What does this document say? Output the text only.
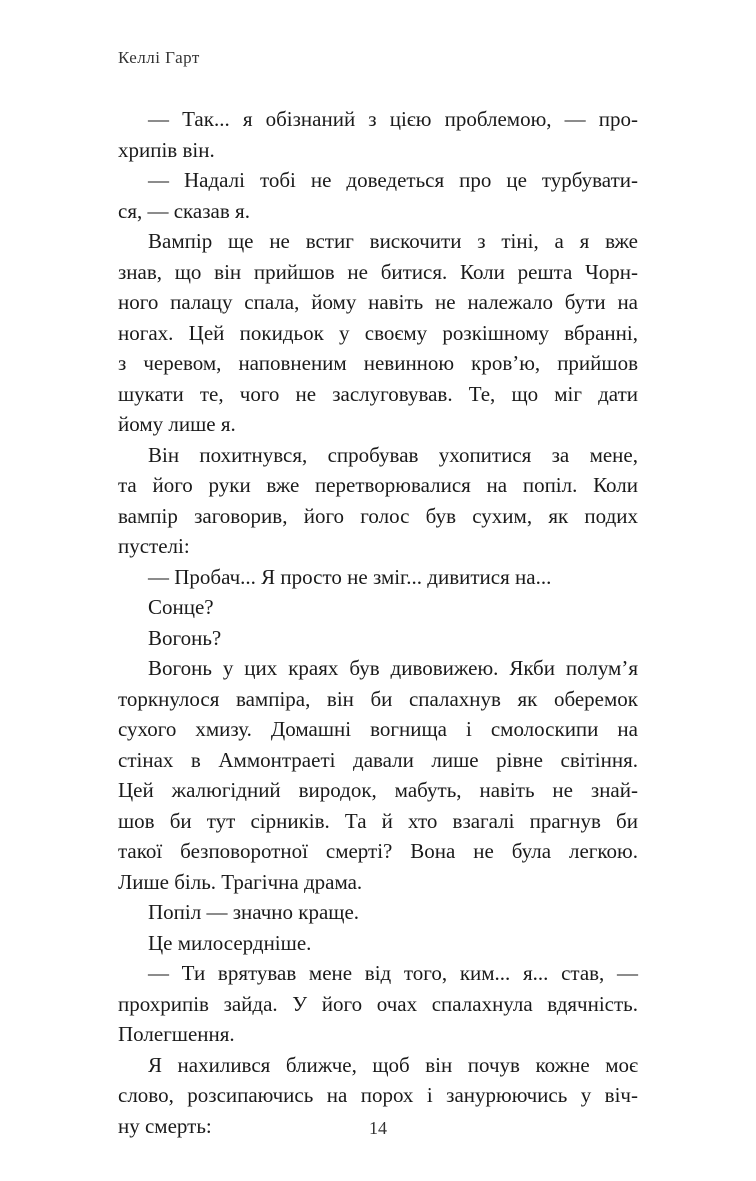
Келлі Гарт
— Так... я обізнаний з цією проблемою, — про-
хрипів він.
— Надалі тобі не доведеться про це турбувати-
ся, — сказав я.
Вампір ще не встиг вискочити з тіні, а я вже
знав, що він прийшов не битися. Коли решта Чорн-
ного палацу спала, йому навіть не належало бути на
ногах. Цей покидьок у своєму розкішному вбранні,
з черевом, наповненим невинною кров’ю, прийшов
шукати те, чого не заслуговував. Те, що міг дати
йому лише я.
Він похитнувся, спробував ухопитися за мене,
та його руки вже перетворювалися на попіл. Коли
вампір заговорив, його голос був сухим, як подих
пустелі:
— Пробач... Я просто не зміг... дивитися на...
Сонце?
Вогонь?
Вогонь у цих краях був дивовижею. Якби полум’я
торкнулося вампіра, він би спалахнув як оберемок
сухого хмизу. Домашні вогнища і смолоскипи на
стінах в Аммонтраеті давали лише рівне світіння.
Цей жалюгідний виродок, мабуть, навіть не знай-
шов би тут сірників. Та й хто взагалі прагнув би
такої безповоротної смерті? Вона не була легкою.
Лише біль. Трагічна драма.
Попіл — значно краще.
Це милосерднiше.
— Ти врятував мене від того, ким... я... став, —
прохрипів зайда. У його очах спалахнула вдячність.
Полегшення.
Я нахилився ближче, щоб він почув кожне моє
слово, розсипаючись на порох і занурюючись у віч-
ну смерть:	14
